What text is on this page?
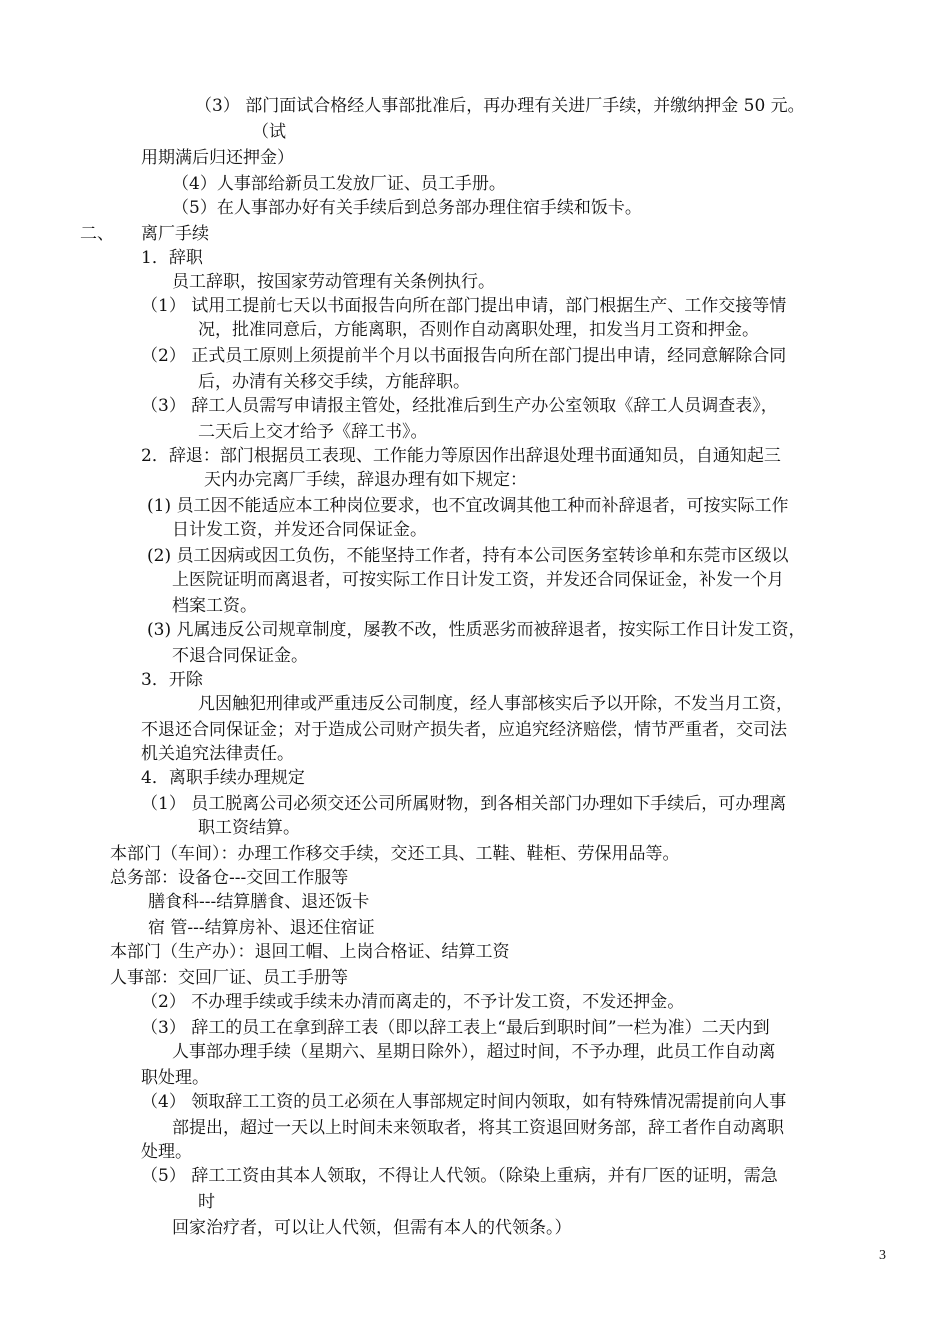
（3） 部门面试合格经人事部批准后，再办理有关进厂手续，并缴纳押金 50 元。
（试
用期满后归还押金）
（4）人事部给新员工发放厂证、员工手册。
（5）在人事部办好有关手续后到总务部办理住宿手续和饭卡。
二、 离厂手续
1．辞职
员工辞职，按国家劳动管理有关条例执行。
（1） 试用工提前七天以书面报告向所在部门提出申请，部门根据生产、工作交接等情
况，批准同意后，方能离职，否则作自动离职处理，扣发当月工资和押金。
（2） 正式员工原则上须提前半个月以书面报告向所在部门提出申请，经同意解除合同
后，办清有关移交手续，方能辞职。
（3） 辞工人员需写申请报主管处，经批准后到生产办公室领取《辞工人员调查表》，
二天后上交才给予《辞工书》。
2．辞退：部门根据员工表现、工作能力等原因作出辞退处理书面通知员，自通知起三
天内办完离厂手续，辞退办理有如下规定：
(1) 员工因不能适应本工种岗位要求，也不宜改调其他工种而补辞退者，可按实际工作
日计发工资，并发还合同保证金。
(2) 员工因病或因工负伤，不能坚持工作者，持有本公司医务室转诊单和东莞市区级以
上医院证明而离退者，可按实际工作日计发工资，并发还合同保证金，补发一个月
档案工资。
(3) 凡属违反公司规章制度，屡教不改，性质恶劣而被辞退者，按实际工作日计发工资，
不退合同保证金。
3．开除
凡因触犯刑律或严重违反公司制度，经人事部核实后予以开除，不发当月工资，
不退还合同保证金；对于造成公司财产损失者，应追究经济赔偿，情节严重者，交司法
机关追究法律责任。
4．离职手续办理规定
（1） 员工脱离公司必须交还公司所属财物，到各相关部门办理如下手续后，可办理离
职工资结算。
本部门（车间）：办理工作移交手续，交还工具、工鞋、鞋柜、劳保用品等。
总务部：设备仓---交回工作服等
膳食科---结算膳食、退还饭卡
宿 管---结算房补、退还住宿证
本部门（生产办）：退回工帽、上岗合格证、结算工资
人事部：交回厂证、员工手册等
（2） 不办理手续或手续未办清而离走的，不予计发工资，不发还押金。
（3） 辞工的员工在拿到辞工表（即以辞工表上“最后到职时间”一栏为准）二天内到
人事部办理手续（星期六、星期日除外），超过时间，不予办理，此员工作自动离
职处理。
（4） 领取辞工工资的员工必须在人事部规定时间内领取，如有特殊情况需提前向人事
部提出，超过一天以上时间未来领取者，将其工资退回财务部，辞工者作自动离职
处理。
（5） 辞工工资由其本人领取，不得让人代领。（除染上重病，并有厂医的证明，需急
时
回家治疗者，可以让人代领，但需有本人的代领条。）
3
